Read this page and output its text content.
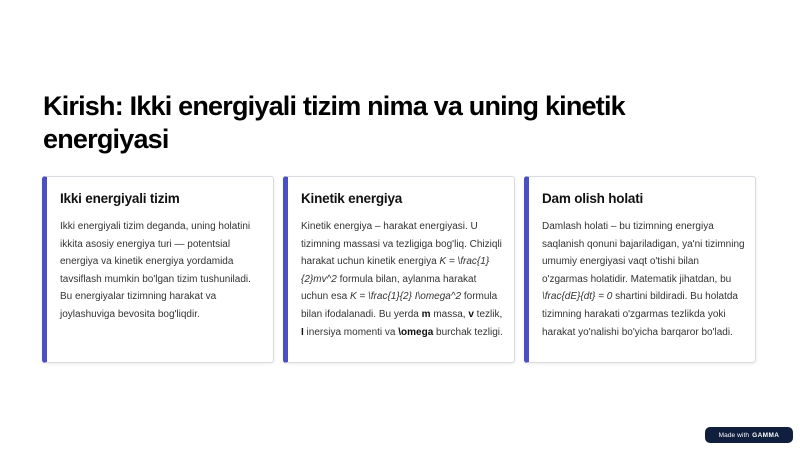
Kirish: Ikki energiyali tizim nima va uning kinetik energiyasi
Ikki energiyali tizim
Ikki energiyali tizim deganda, uning holatini ikkita asosiy energiya turi — potentsial energiya va kinetik energiya yordamida tavsiflash mumkin bo'lgan tizim tushuniladi. Bu energiyalar tizimning harakat va joylashuviga bevosita bog'liqdir.
Kinetik energiya
Kinetik energiya – harakat energiyasi. U tizimning massasi va tezligiga bog'liq. Chiziqli harakat uchun kinetik energiya K = \frac{1}{2}mv^2 formula bilan, aylanma harakat uchun esa K = \frac{1}{2} I\omega^2 formula bilan ifodalanadi. Bu yerda m massa, v tezlik, I inersiya momenti va \omega burchak tezligi.
Dam olish holati
Damlash holati – bu tizimning energiya saqlanish qonuni bajariladigan, ya'ni tizimning umumiy energiyasi vaqt o'tishi bilan o'zgarmas holatidir. Matematik jihatdan, bu \frac{dE}{dt} = 0 shartini bildiradi. Bu holatda tizimning harakati o'zgarmas tezlikda yoki harakat yo'nalishi bo'yicha barqaror bo'ladi.
Made with GAMMA
